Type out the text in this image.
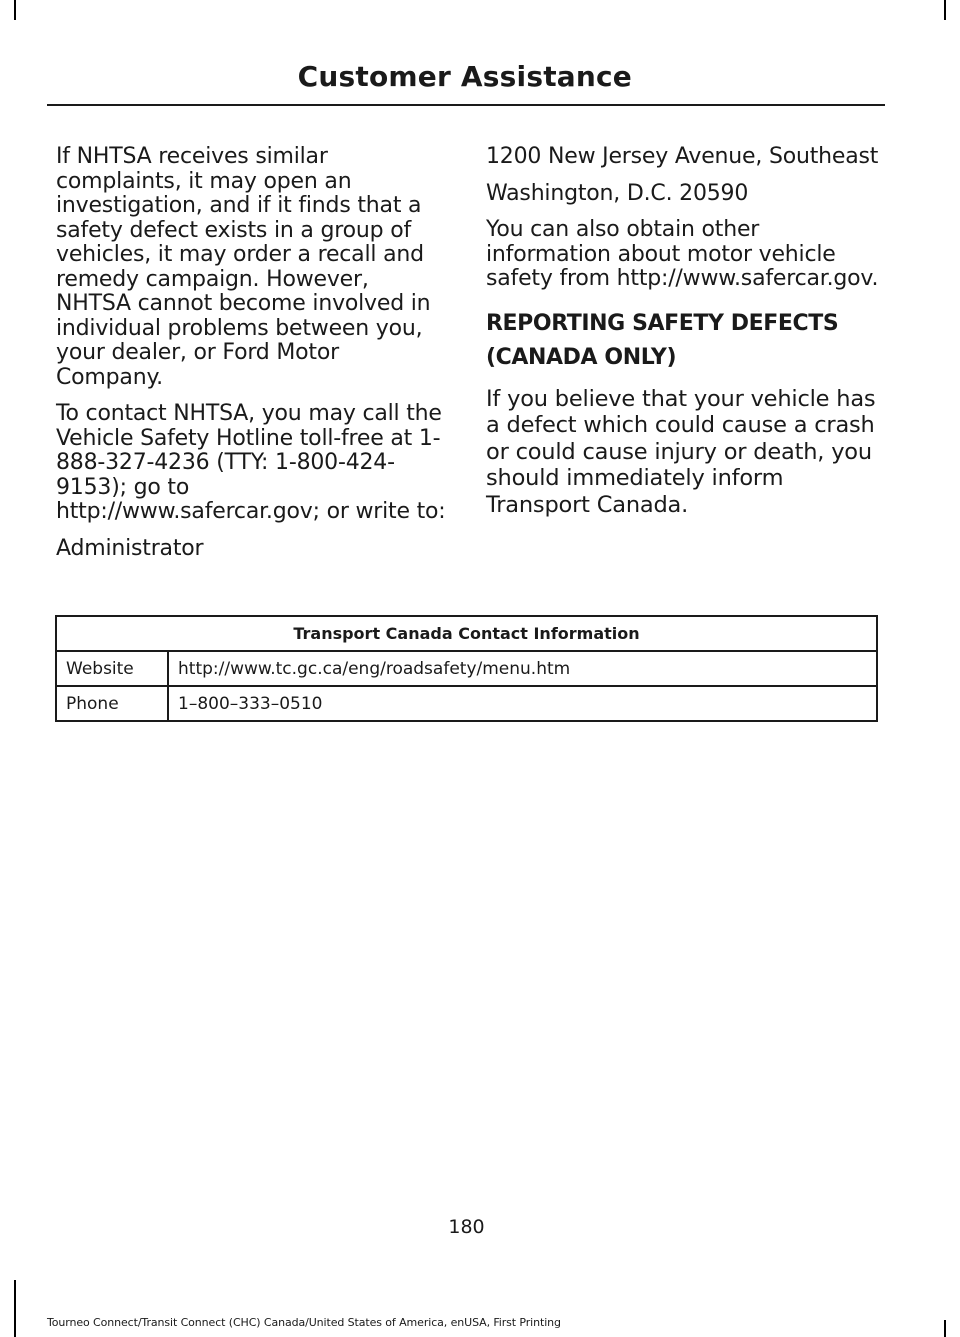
Customer Assistance

If NHTSA receives similar complaints, it may open an investigation, and if it finds that a safety defect exists in a group of vehicles, it may order a recall and remedy campaign. However, NHTSA cannot become involved in individual problems between you, your dealer, or Ford Motor Company.

To contact NHTSA, you may call the Vehicle Safety Hotline toll-free at 1-888-327-4236 (TTY: 1-800-424-9153); go to http://www.safercar.gov; or write to:

Administrator

1200 New Jersey Avenue, Southeast

Washington, D.C. 20590

You can also obtain other information about motor vehicle safety from http://www.safercar.gov.

REPORTING SAFETY DEFECTS
(CANADA ONLY)

If you believe that your vehicle has a defect which could cause a crash or could cause injury or death, you should immediately inform Transport Canada.

Transport Canada Contact Information	
Website	http://www.tc.gc.ca/eng/roadsafety/menu.htm
Phone	1–800–333–0510
180
Tourneo Connect/Transit Connect (CHC) Canada/United States of America, enUSA, First Printing
